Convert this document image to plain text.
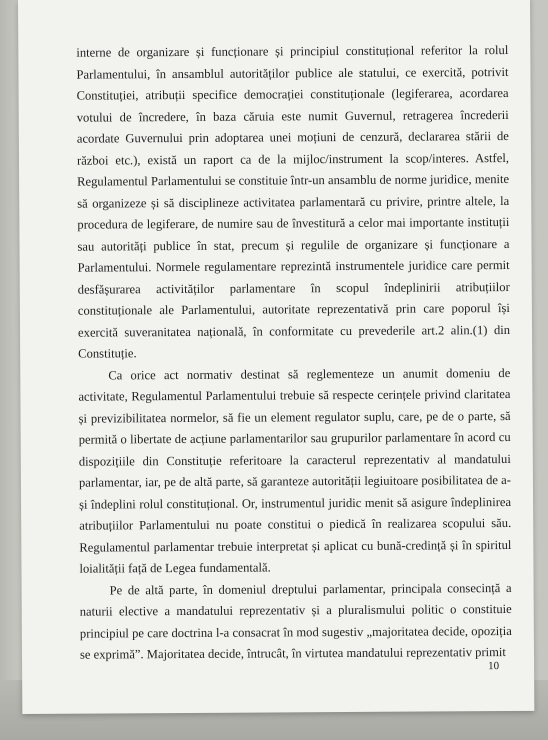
interne de organizare și funcționare și principiul constituțional referitor la rolul Parlamentului, în ansamblul autorităților publice ale statului, ce exercită, potrivit Constituției, atribuții specifice democrației constituționale (legiferarea, acordarea votului de încredere, în baza căruia este numit Guvernul, retragerea încrederii acordate Guvernului prin adoptarea unei moțiuni de cenzură, declararea stării de război etc.), există un raport ca de la mijloc/instrument la scop/interes. Astfel, Regulamentul Parlamentului se constituie într-un ansamblu de norme juridice, menite să organizeze și să disciplineze activitatea parlamentară cu privire, printre altele, la procedura de legiferare, de numire sau de învestitură a celor mai importante instituții sau autorități publice în stat, precum și regulile de organizare și funcționare a Parlamentului. Normele regulamentare reprezintă instrumentele juridice care permit desfășurarea activităților parlamentare în scopul îndeplinirii atribuțiilor constituționale ale Parlamentului, autoritate reprezentativă prin care poporul își exercită suveranitatea națională, în conformitate cu prevederile art.2 alin.(1) din Constituție.

Ca orice act normativ destinat să reglementeze un anumit domeniu de activitate, Regulamentul Parlamentului trebuie să respecte cerințele privind claritatea și previzibilitatea normelor, să fie un element regulator suplu, care, pe de o parte, să permită o libertate de acțiune parlamentarilor sau grupurilor parlamentare în acord cu dispozițiile din Constituție referitoare la caracterul reprezentativ al mandatului parlamentar, iar, pe de altă parte, să garanteze autorității legiuitoare posibilitatea de a-și îndeplini rolul constituțional. Or, instrumentul juridic menit să asigure îndeplinirea atribuțiilor Parlamentului nu poate constitui o piedică în realizarea scopului său. Regulamentul parlamentar trebuie interpretat și aplicat cu bună-credință și în spiritul loialității față de Legea fundamentală.

Pe de altă parte, în domeniul dreptului parlamentar, principala consecință a naturii elective a mandatului reprezentativ și a pluralismului politic o constituie principiul pe care doctrina l-a consacrat în mod sugestiv „majoritatea decide, opoziția se exprimă”. Majoritatea decide, întrucât, în virtutea mandatului reprezentativ primit

10
